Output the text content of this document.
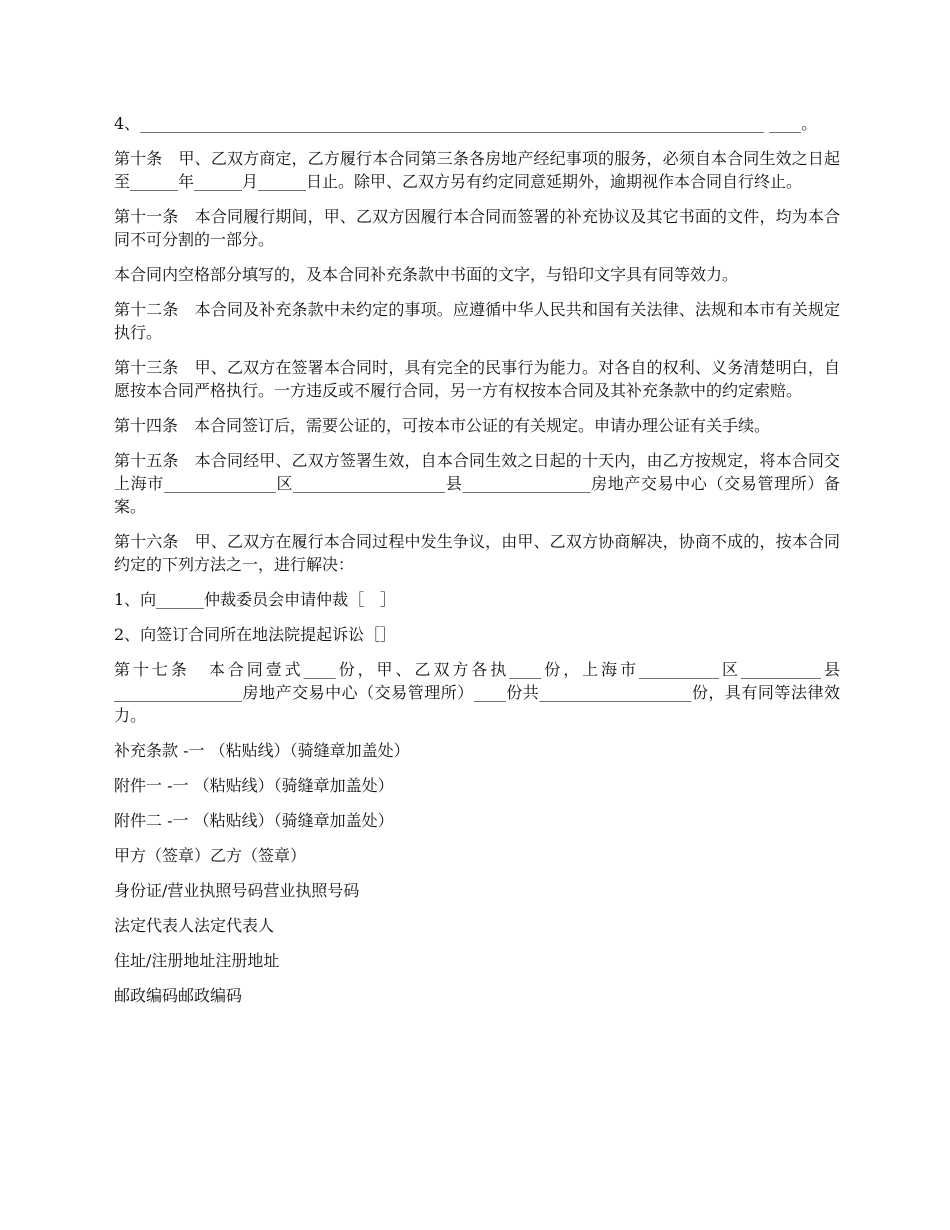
4、______________________________________________________________________________ ____。

第十条　甲、乙双方商定，乙方履行本合同第三条各房地产经纪事项的服务，必须自本合同生效之日起至______年______月______日止。除甲、乙双方另有约定同意延期外，逾期视作本合同自行终止。

第十一条　本合同履行期间，甲、乙双方因履行本合同而签署的补充协议及其它书面的文件，均为本合同不可分割的一部分。

本合同内空格部分填写的，及本合同补充条款中书面的文字，与铅印文字具有同等效力。

第十二条　本合同及补充条款中未约定的事项。应遵循中华人民共和国有关法律、法规和本市有关规定执行。

第十三条　甲、乙双方在签署本合同时，具有完全的民事行为能力。对各自的权利、义务清楚明白，自愿按本合同严格执行。一方违反或不履行合同，另一方有权按本合同及其补充条款中的约定索赔。

第十四条　本合同签订后，需要公证的，可按本市公证的有关规定。申请办理公证有关手续。

第十五条　本合同经甲、乙双方签署生效，自本合同生效之日起的十天内，由乙方按规定，将本合同交上海市______________区___________________县________________房地产交易中心（交易管理所）备案。

第十六条　甲、乙双方在履行本合同过程中发生争议，由甲、乙双方协商解决，协商不成的，按本合同约定的下列方法之一，进行解决：

1、向______仲裁委员会申请仲裁［　］

2、向签订合同所在地法院提起诉讼［］

第十七条　本合同壹式____份，甲、乙双方各执____份，上海市__________区__________县________________房地产交易中心（交易管理所）____份共___________________份，具有同等法律效力。

补充条款 -一 （粘贴线）（骑缝章加盖处）

附件一 -一 （粘贴线）（骑缝章加盖处）

附件二 -一 （粘贴线）（骑缝章加盖处）

甲方（签章）乙方（签章）

身份证/营业执照号码营业执照号码

法定代表人法定代表人

住址/注册地址注册地址

邮政编码邮政编码
